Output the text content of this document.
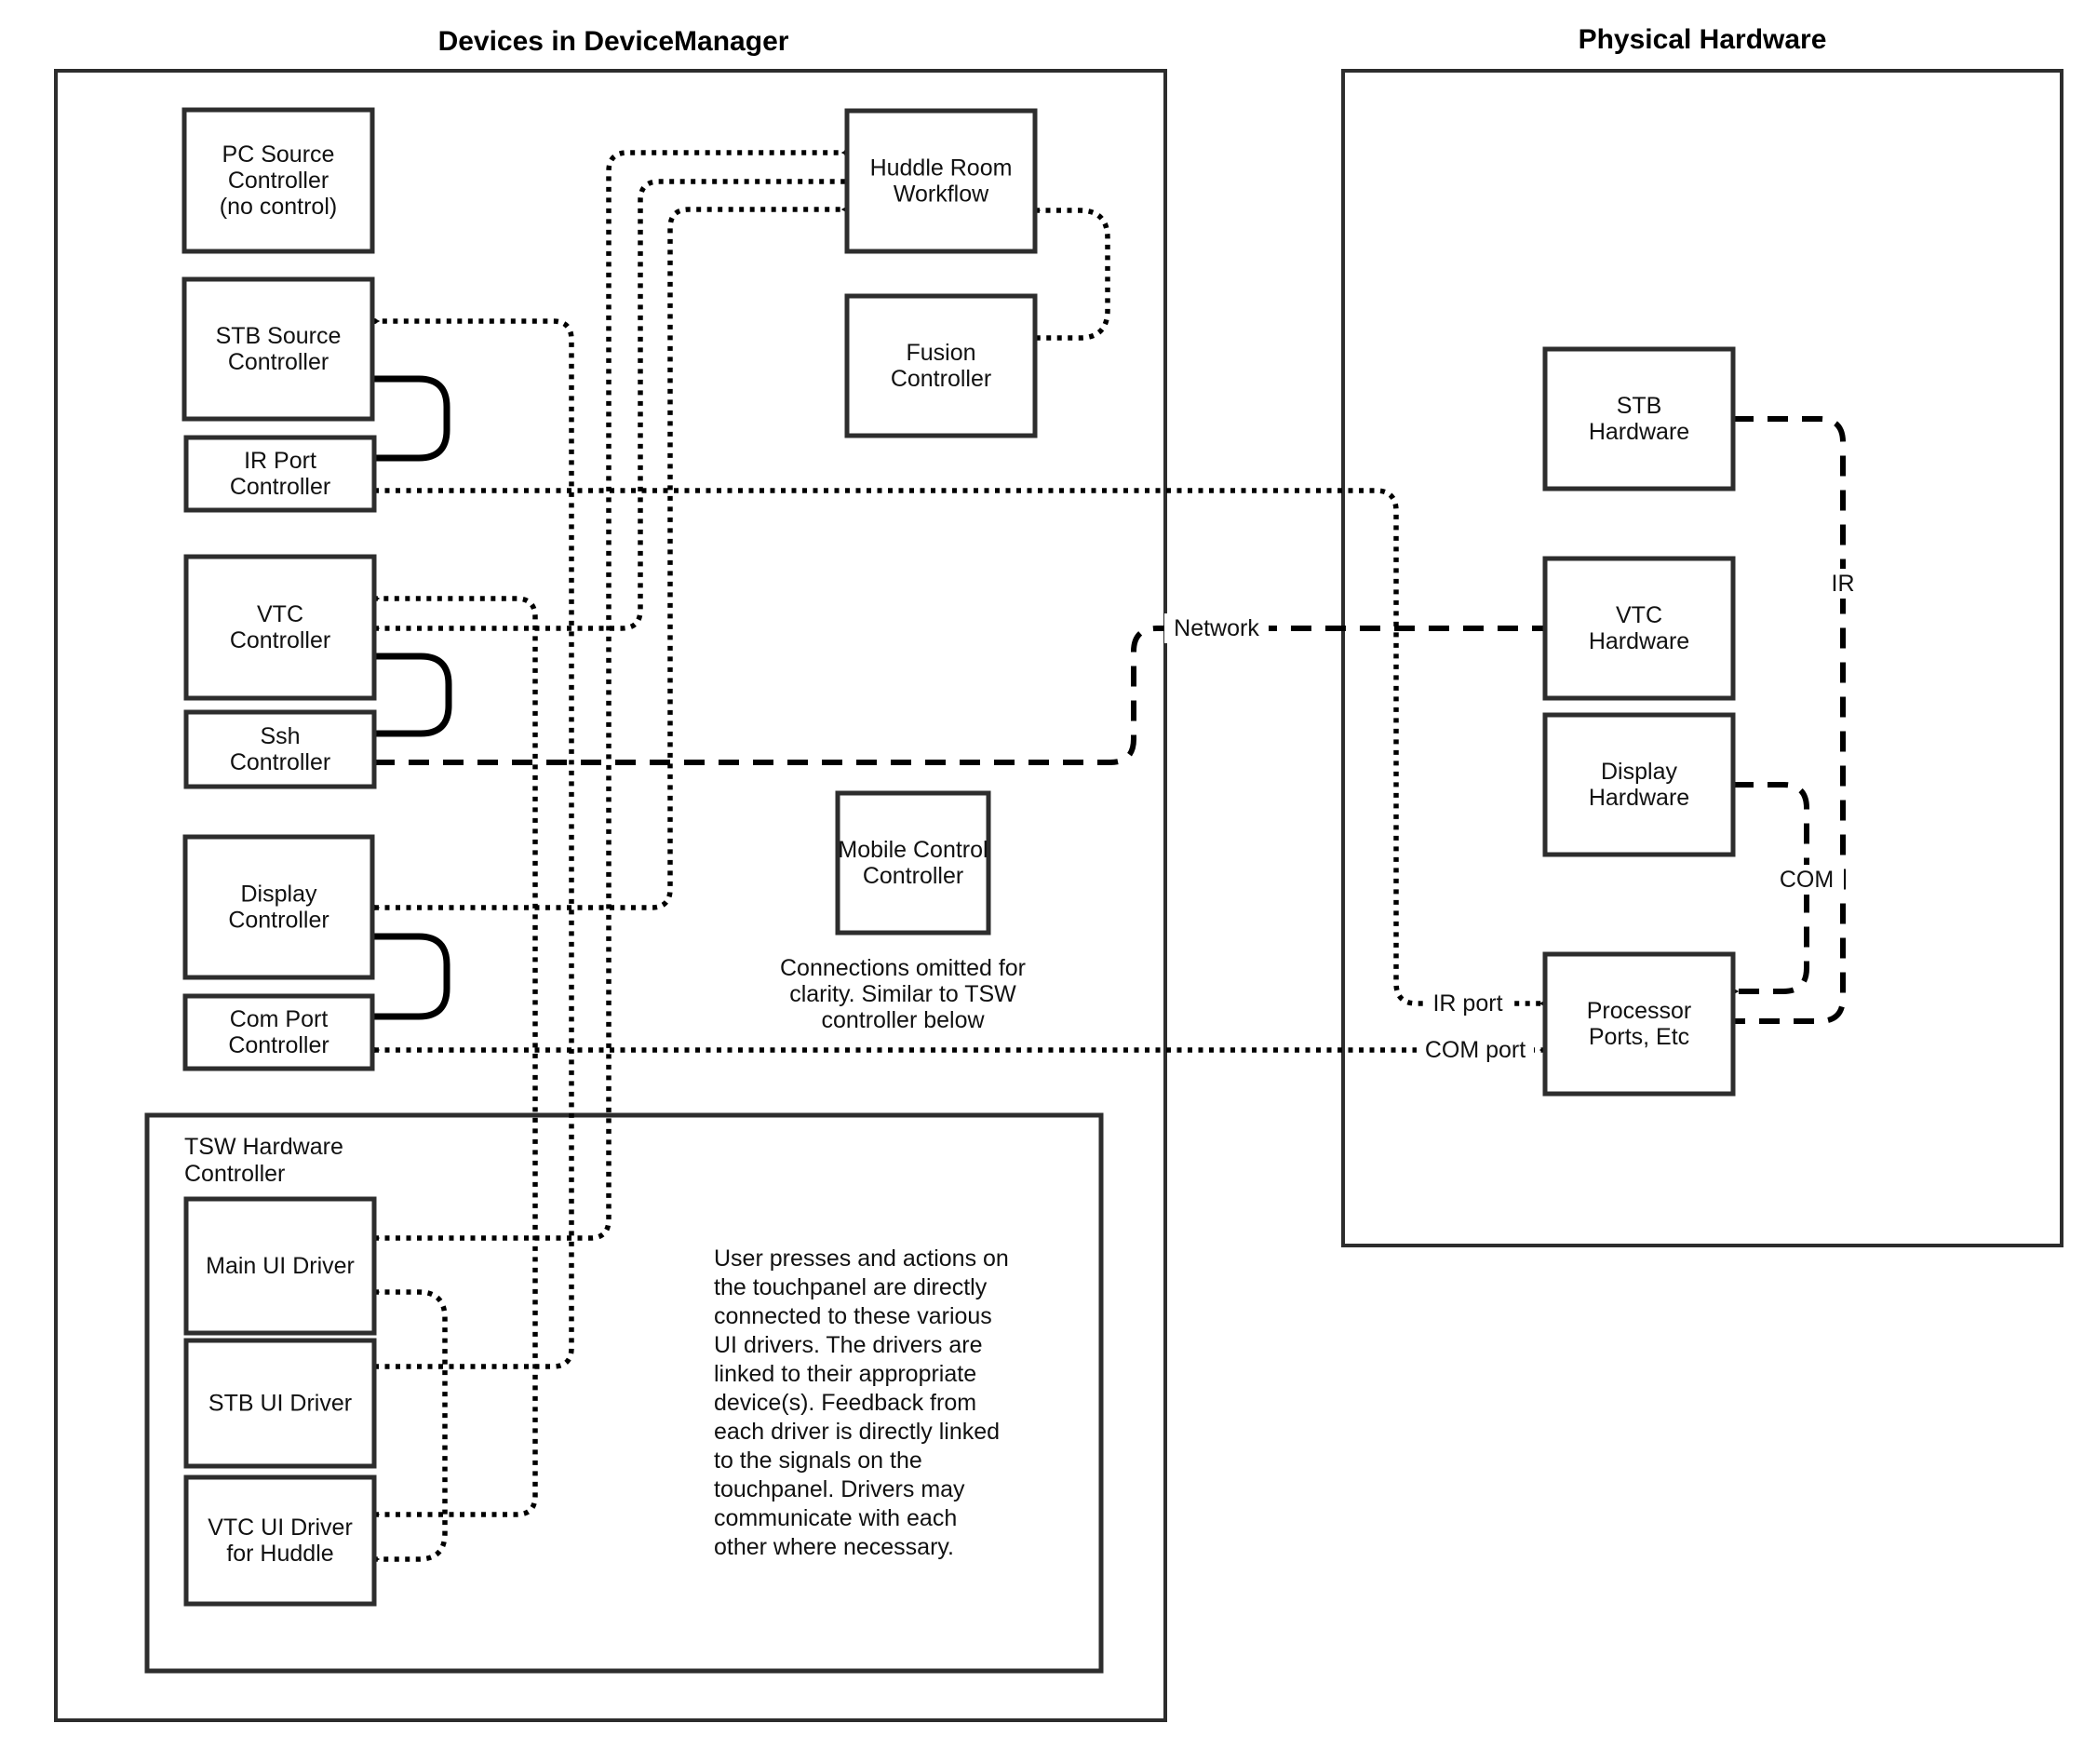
PC Source
Controller
(no control)
STB Source
Controller
IR Port
Controller
VTC
Controller
Ssh
Controller
Display
Controller
Com Port
Controller
Huddle Room
Workflow
Fusion
Controller
Mobile Control
Controller
Main UI Driver
STB UI Driver
VTC UI Driver
for Huddle
STB
Hardware
VTC
Hardware
Display
Hardware
Processor
Ports, Etc
TSW Hardware
Controller
Connections omitted for
clarity. Similar to TSW
controller below
User presses and actions on
the touchpanel are directly
connected to these various
UI drivers. The drivers are
linked to their appropriate
device(s). Feedback from
each driver is directly linked
to the signals on the
touchpanel. Drivers may
communicate with each
other where necessary.
Network
IR
COM
IR port
COM port
Devices in DeviceManager	Physical Hardware
